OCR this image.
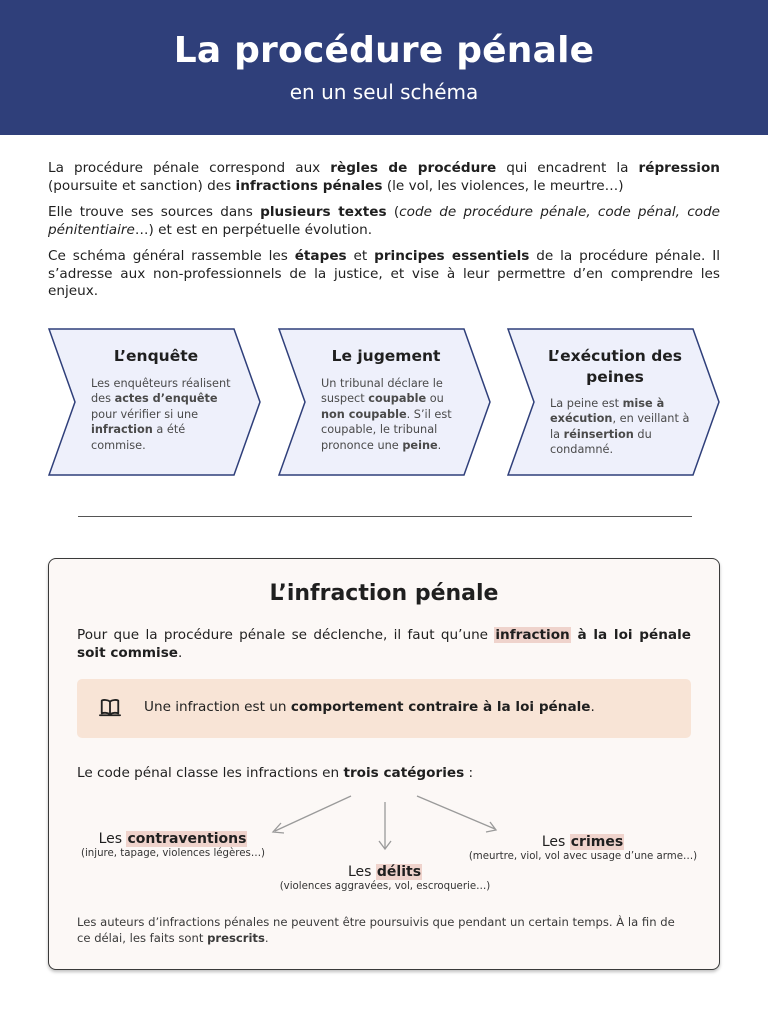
La procédure pénale
en un seul schéma

La procédure pénale correspond aux règles de procédure qui encadrent la répression (poursuite et sanction) des infractions pénales (le vol, les violences, le meurtre…)

Elle trouve ses sources dans plusieurs textes (code de procédure pénale, code pénal, code pénitentiaire…) et est en perpétuelle évolution.

Ce schéma général rassemble les étapes et principes essentiels de la procédure pénale. Il s’adresse aux non-professionnels de la justice, et vise à leur permettre d’en comprendre les enjeux.

L’enquête
Les enquêteurs réalisent des actes d’enquête pour vérifier si une infraction a été commise.
Le jugement
Un tribunal déclare le suspect coupable ou non coupable. S’il est coupable, le tribunal prononce une peine.
L’exécution des peines
La peine est mise à exécution, en veillant à la réinsertion du condamné.
L’infraction pénale
Pour que la procédure pénale se déclenche, il faut qu’une infraction à la loi pénale soit commise.
Une infraction est un comportement contraire à la loi pénale.
Le code pénal classe les infractions en trois catégories :
Les contraventions
(injure, tapage, violences légères…)
Les délits
(violences aggravées, vol, escroquerie…)
Les crimes
(meurtre, viol, vol avec usage d’une arme…)
Les auteurs d’infractions pénales ne peuvent être poursuivis que pendant un certain temps. À la fin de ce délai, les faits sont prescrits.
